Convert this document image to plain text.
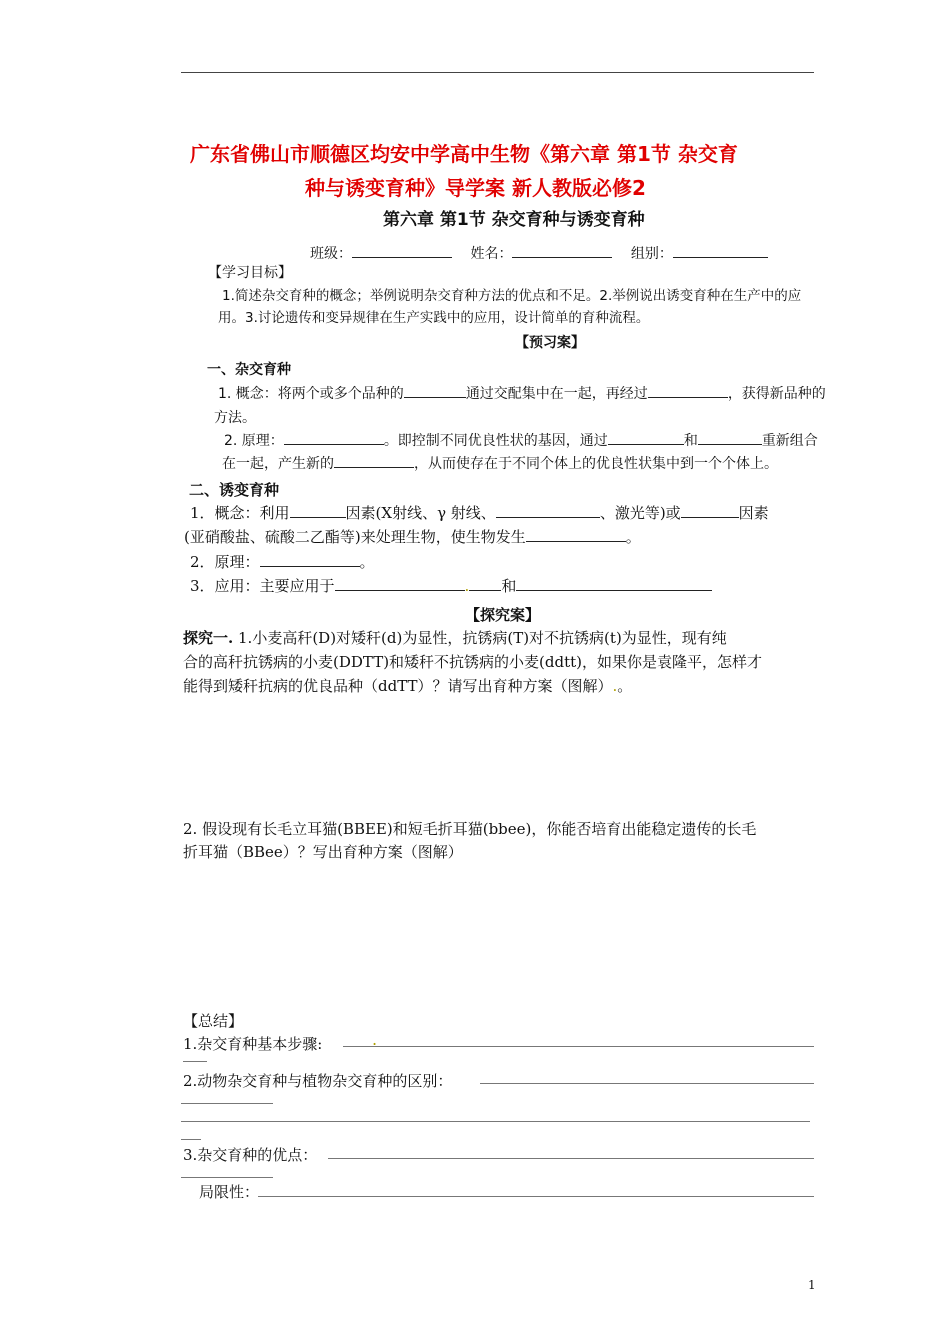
广东省佛山市顺德区均安中学高中生物《第六章 第1节 杂交育
种与诱变育种》导学案 新人教版必修2
第六章 第1节 杂交育种与诱变育种
班级：	姓名：	组别：
【学习目标】
1.简述杂交育种的概念；举例说明杂交育种方法的优点和不足。2.举例说出诱变育种在生产中的应
用。3.讨论遗传和变异规律在生产实践中的应用，设计简单的育种流程。
【预习案】
一、杂交育种
1. 概念：将两个或多个品种的	通过交配集中在一起，再经过	，获得新品种的
方法。
2. 原理：	。即控制不同优良性状的基因，通过	和	重新组合
在一起，产生新的	，从而使存在于不同个体上的优良性状集中到一个个体上。
二、诱变育种
1．概念：利用	因素(X射线、γ 射线、	、激光等)或	因素
(亚硝酸盐、硫酸二乙酯等)来处理生物，使生物发生	。
2．原理：	。
3．应用：主要应用于	. 和
【探究案】
探究一. 1.小麦高秆(D)对矮秆(d)为显性，抗锈病(T)对不抗锈病(t)为显性，现有纯
合的高秆抗锈病的小麦(DDTT)和矮秆不抗锈病的小麦(ddtt)，如果你是袁隆平，怎样才
能得到矮秆抗病的优良品种（ddTT）？请写出育种方案（图解）.。
2. 假设现有长毛立耳猫(BBEE)和短毛折耳猫(bbee)，你能否培育出能稳定遗传的长毛
折耳猫（BBee）？写出育种方案（图解）
【总结】
1.杂交育种基本步骤:	.
2.动物杂交育种与植物杂交育种的区别：
3.杂交育种的优点：
局限性：
1
